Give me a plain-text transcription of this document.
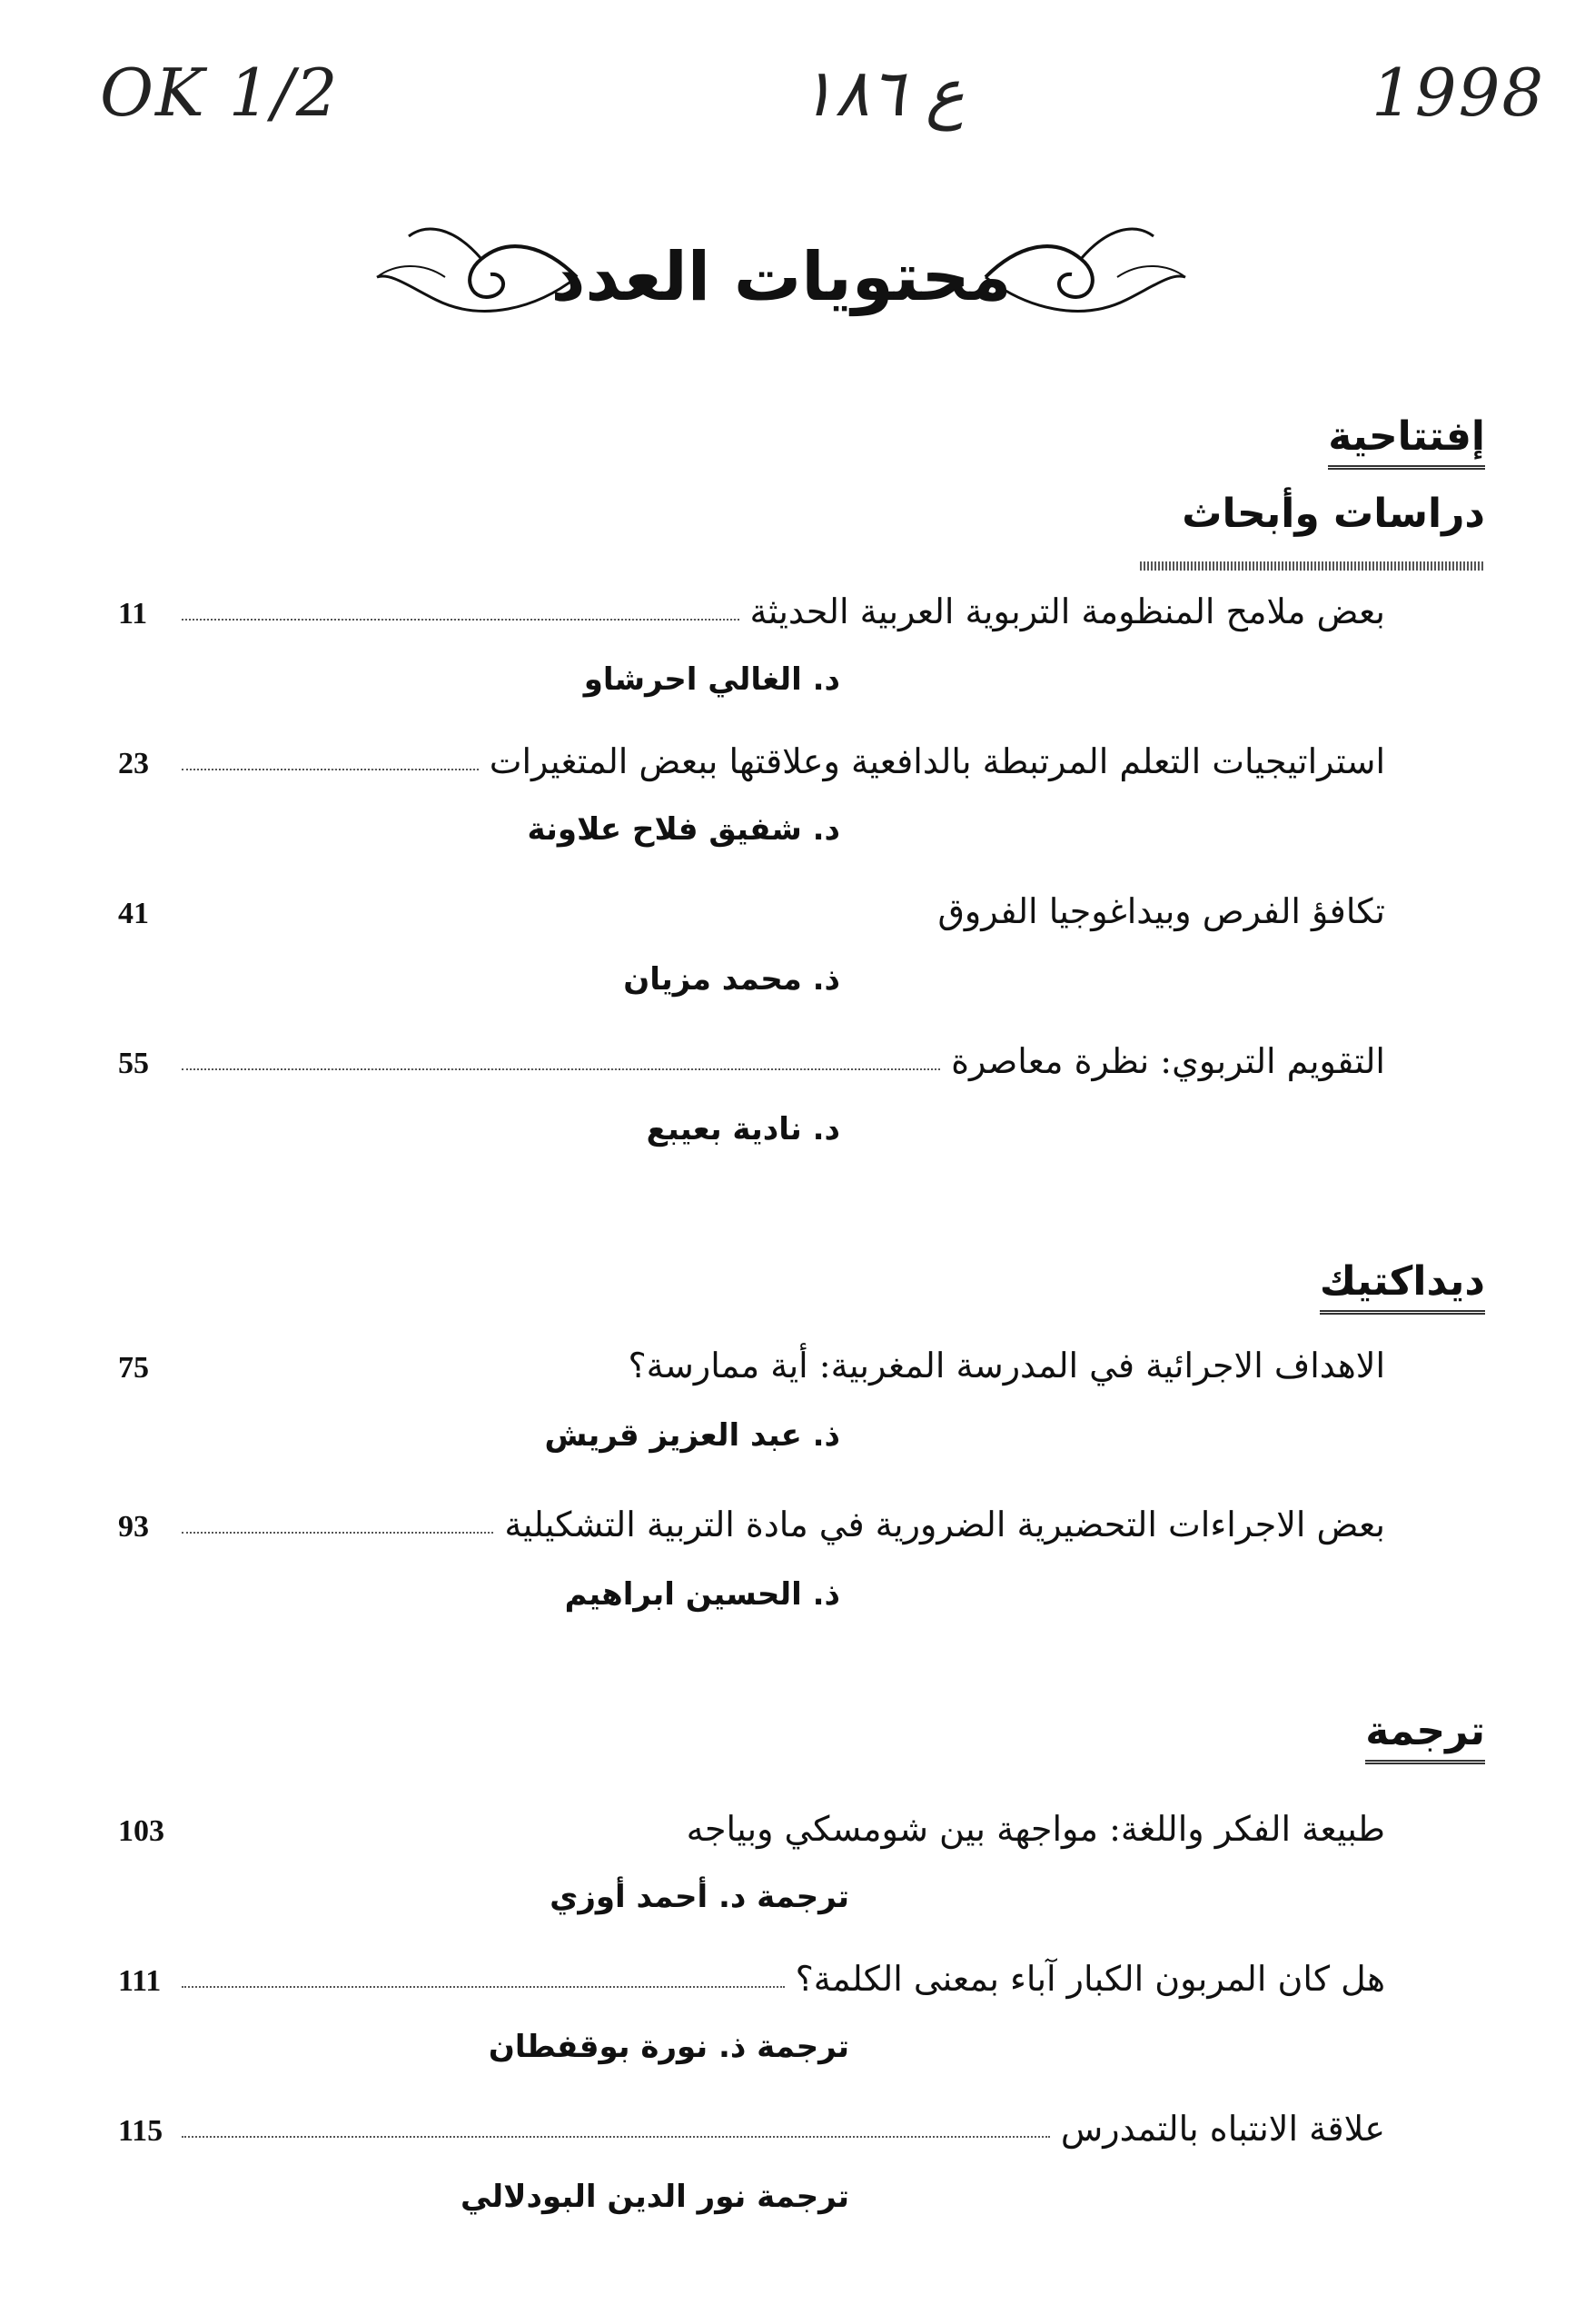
OK 1/2	ع ١٨٦	1998
محتويات العدد
إفتتاحية
دراسات وأبحاث
بعض ملامح المنظومة التربوية العربية الحديثة
11
د. الغالي احرشاو
استراتيجيات التعلم المرتبطة بالدافعية وعلاقتها ببعض المتغيرات
23
د. شفيق فلاح علاونة
تكافؤ الفرص وبيداغوجيا الفروق
41
ذ. محمد مزيان
التقويم التربوي: نظرة معاصرة
55
د. نادية بعيبع
ديداكتيك
الاهداف الاجرائية في المدرسة المغربية: أية ممارسة؟
75
ذ. عبد العزيز قريش
بعض الاجراءات التحضيرية الضرورية في مادة التربية التشكيلية
93
ذ. الحسين ابراهيم
ترجمة
طبيعة الفكر واللغة: مواجهة بين شومسكي وبياجه
103
ترجمة د. أحمد أوزي
هل كان المربون الكبار آباء بمعنى الكلمة؟
111
ترجمة ذ. نورة بوقفطان
علاقة الانتباه بالتمدرس
115
ترجمة نور الدين البودلالي
